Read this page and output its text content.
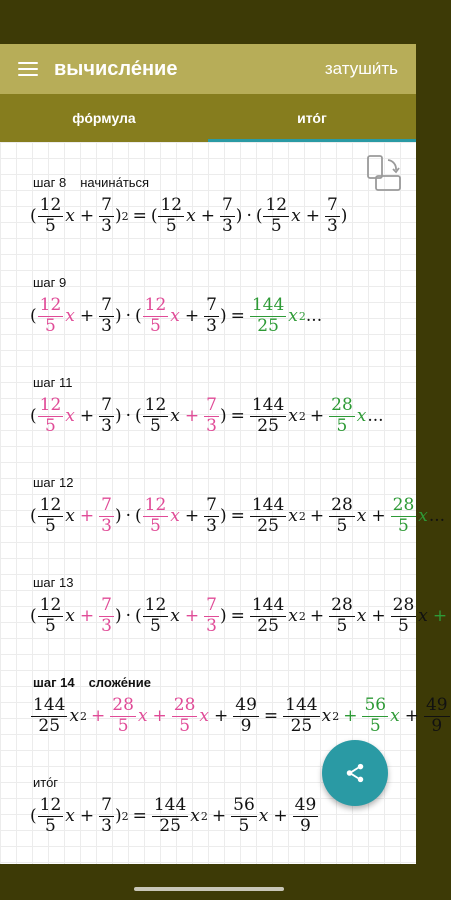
вычисле́ние	затуши́ть
фо́рмула	ито́г
шаг 8 начина́ться
( $\frac{12}{5}$ $x + \frac{7}{3}$ ) 2 = ( $\frac{12}{5}$ $x + \frac{7}{3}$ ) · ( $\frac{12}{5}$ $x + \frac{7}{3}$ )
шаг 9
( $\frac{12}{5}$ $x + \frac{7}{3}$ ) · ( $\frac{12}{5}$ $x + \frac{7}{3}$ ) = $\frac{144}{25}$ x 2 ...
шаг 11
( $\frac{12}{5}$ $x + \frac{7}{3}$ ) · ( $\frac{12}{5}$ $x + \frac{7}{3}$ ) = $\frac{144}{25}$ x $2 + \frac{28}{5}$ x ...
шаг 12
( $\frac{12}{5}$ $x + \frac{7}{3}$ ) · ( $\frac{12}{5}$ $x + \frac{7}{3}$ ) = $\frac{144}{25}$ x $2 + \frac{28}{5}$ $x + \frac{28}{5}$ x ...
шаг 13
( $\frac{12}{5}$ $x + \frac{7}{3}$ ) · ( $\frac{12}{5}$ $x + \frac{7}{3}$ ) = $\frac{144}{25}$ x $2 + \frac{28}{5}$ $x + \frac{28}{5}$ x +
шаг 14 сложе́ние
$\frac{144}{25}$ x $2 + \frac{28}{5}$ $x + \frac{28}{5}$ $x + \frac{49}{9} = \frac{144}{25}$ x $2 + \frac{56}{5}$ $x + \frac{49}{9}$
ито́г
( $\frac{12}{5}$ $x + \frac{7}{3}$ ) $2 = \frac{144}{25}$ x $2 + \frac{56}{5}$ $x + \frac{49}{9}$
